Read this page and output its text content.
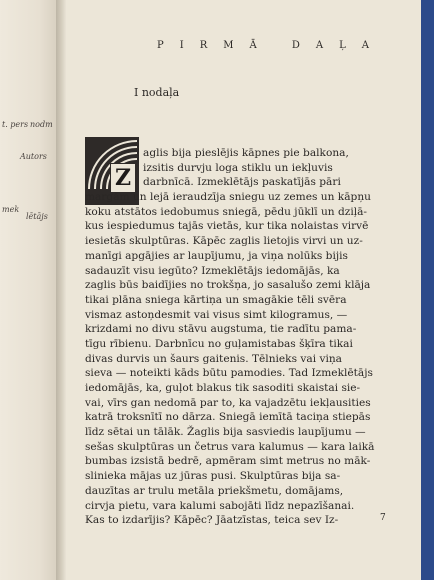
t. pers nodm
Autors
mek
lētājs
PIRMĀ DAĻA
I nodaļa
Z
aglis bija pieslējis kāpnes pie balkona,
izsitis durvju loga stiklu un iekļuvis
darbnīcā. Izmeklētājs paskatījās pāri
margām un lejā ieraudzīja sniegu uz zemes un kāpņu
koku atstātos iedobumus sniegā, pēdu jūklī un dziļā-
kus iespiedumus tajās vietās, kur tika nolaistas virvē
iesietās skulptūras. Kāpēc zaglis lietojis virvi un uz-
manīgi apgājies ar laupījumu, ja viņa nolūks bijis
sadauzīt visu iegūto? Izmeklētājs iedomājās, ka
zaglis būs baidījies no trokšņa, jo sasalušo zemi klāja
tikai plāna sniega kārtiņa un smagākie tēli svēra
vismaz astoņdesmit vai visus simt kilogramus, —
krizdami no divu stāvu augstuma, tie radītu pama-
tīgu rībienu. Darbnīcu no guļamistabas šķīra tikai
divas durvis un šaurs gaitenis. Tēlnieks vai viņa
sieva — noteikti kāds būtu pamodies. Tad Izmeklētājs
iedomājās, ka, guļot blakus tik sasoditi skaistai sie-
vai, vīrs gan nedomā par to, ka vajadzētu iekļausities
katrā troksnītī no dārza. Sniegā iemītā taciņa stiepās
līdz sētai un tālāk. Žaglis bija sasviedis laupījumu —
sešas skulptūras un četrus vara kalumus — kara laikā
bumbas izsistā bedrē, apmēram simt metrus no māk-
slinieka mājas uz jūras pusi. Skulptūras bija sa-
dauzītas ar trulu metāla priekšmetu, domājams,
cirvja pietu, vara kalumi sabojāti līdz nepazīšanai.
Kas to izdarījis? Kāpēc? Jāatzīstas, teica sev Iz-	7
